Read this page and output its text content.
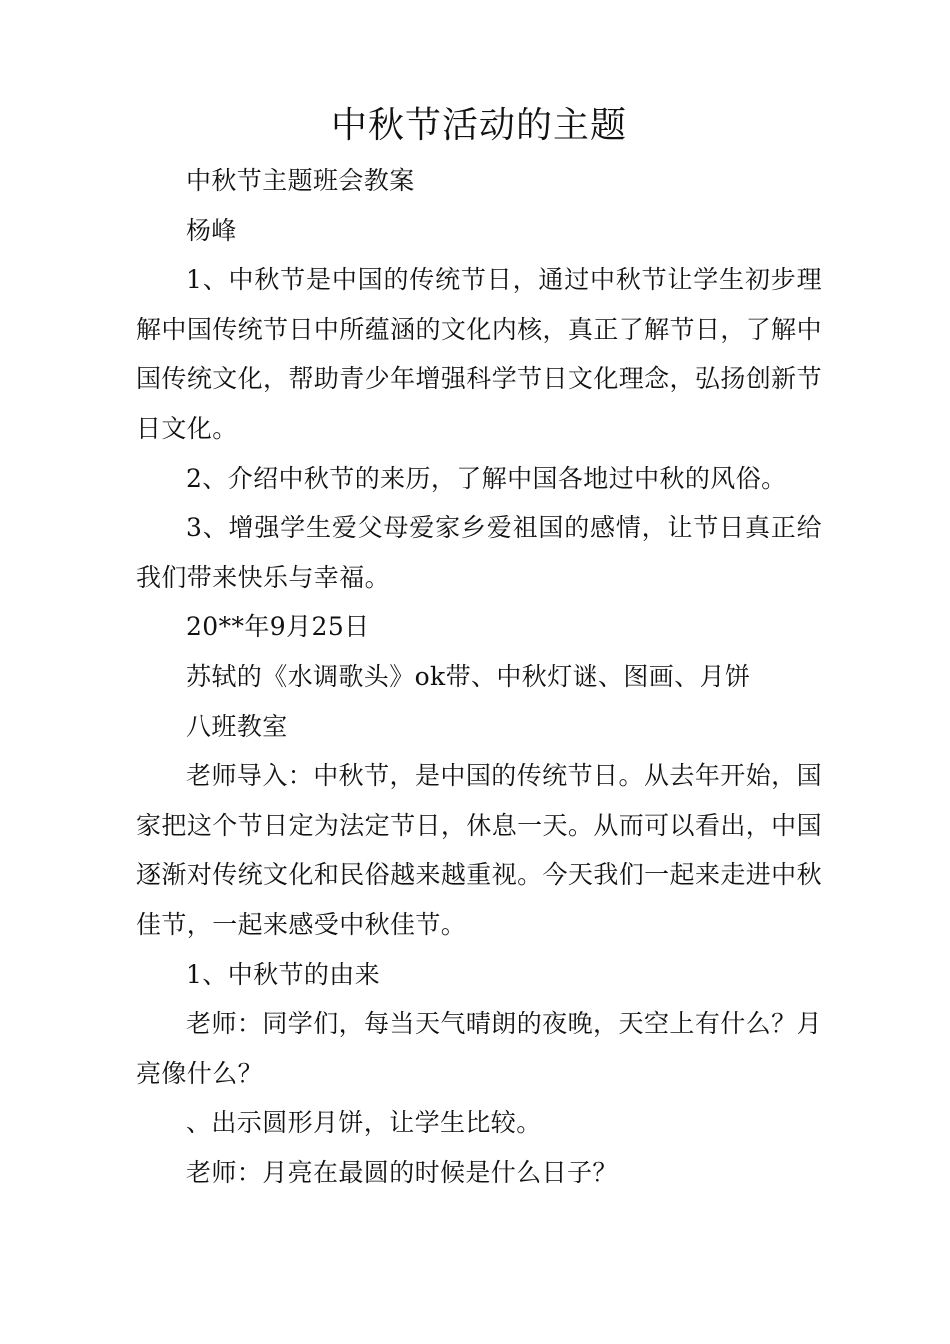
中秋节活动的主题

中秋节主题班会教案

杨峰

1、中秋节是中国的传统节日，通过中秋节让学生初步理解中国传统节日中所蕴涵的文化内核，真正了解节日，了解中国传统文化，帮助青少年增强科学节日文化理念，弘扬创新节日文化。

2、介绍中秋节的来历，了解中国各地过中秋的风俗。

3、增强学生爱父母爱家乡爱祖国的感情，让节日真正给我们带来快乐与幸福。

20**年9月25日

苏轼的《水调歌头》ok带、中秋灯谜、图画、月饼

八班教室

老师导入：中秋节，是中国的传统节日。从去年开始，国家把这个节日定为法定节日，休息一天。从而可以看出，中国逐渐对传统文化和民俗越来越重视。今天我们一起来走进中秋佳节，一起来感受中秋佳节。

1、中秋节的由来

老师：同学们，每当天气晴朗的夜晚，天空上有什么？月亮像什么？

、出示圆形月饼，让学生比较。

老师：月亮在最圆的时候是什么日子？
